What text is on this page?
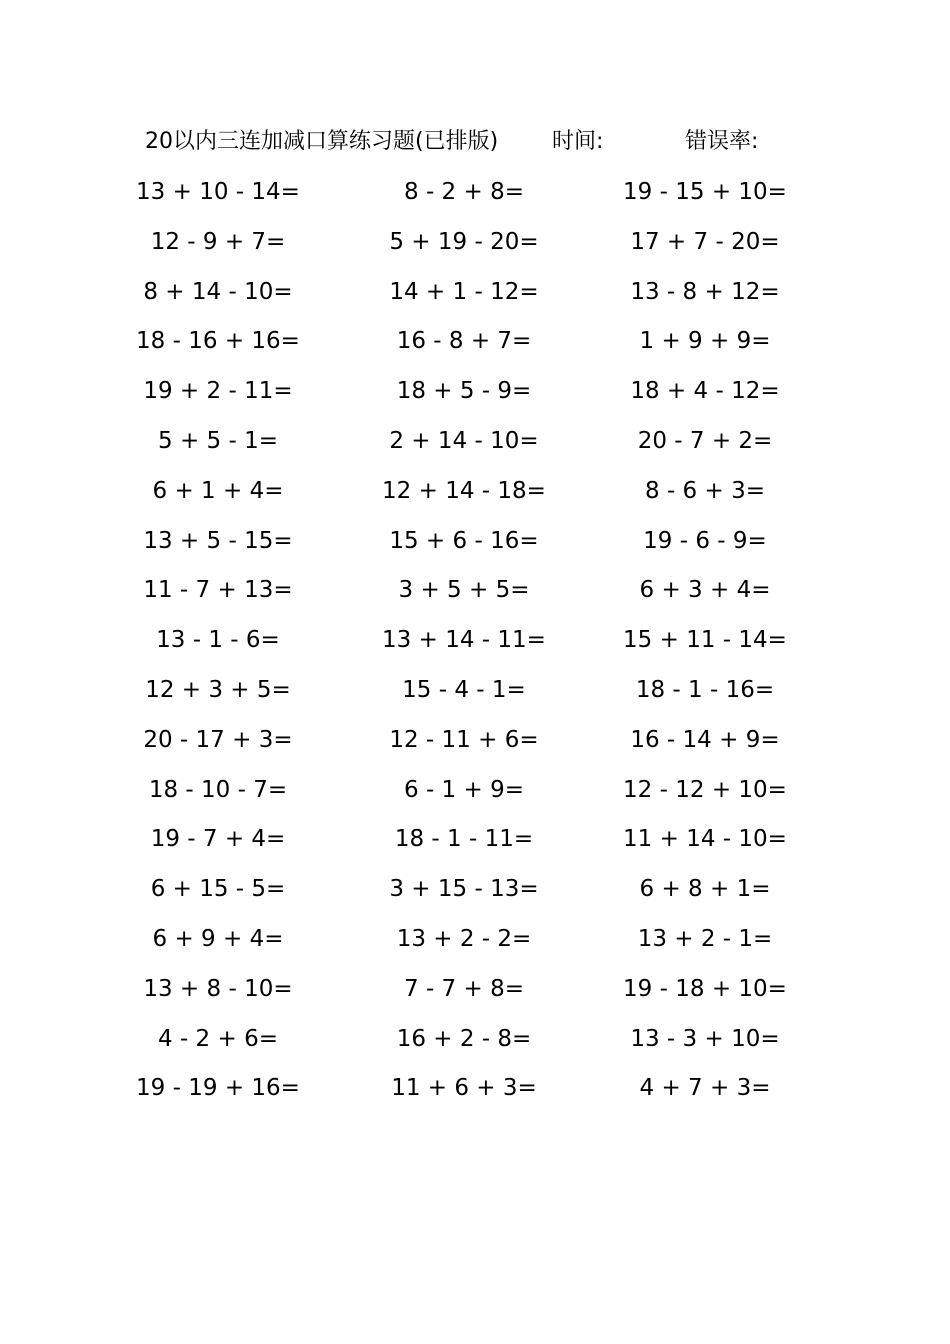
20以内三连加减口算练习题(已排版) 时间:	错误率:
13 + 10 - 14=	8 - 2 + 8=	19 - 15 + 10=
12 - 9 + 7=	5 + 19 - 20=	17 + 7 - 20=
8 + 14 - 10=	14 + 1 - 12=	13 - 8 + 12=
18 - 16 + 16=	16 - 8 + 7=	1 + 9 + 9=
19 + 2 - 11=	18 + 5 - 9=	18 + 4 - 12=
5 + 5 - 1=	2 + 14 - 10=	20 - 7 + 2=
6 + 1 + 4=	12 + 14 - 18=	8 - 6 + 3=
13 + 5 - 15=	15 + 6 - 16=	19 - 6 - 9=
11 - 7 + 13=	3 + 5 + 5=	6 + 3 + 4=
13 - 1 - 6=	13 + 14 - 11=	15 + 11 - 14=
12 + 3 + 5=	15 - 4 - 1=	18 - 1 - 16=
20 - 17 + 3=	12 - 11 + 6=	16 - 14 + 9=
18 - 10 - 7=	6 - 1 + 9=	12 - 12 + 10=
19 - 7 + 4=	18 - 1 - 11=	11 + 14 - 10=
6 + 15 - 5=	3 + 15 - 13=	6 + 8 + 1=
6 + 9 + 4=	13 + 2 - 2=	13 + 2 - 1=
13 + 8 - 10=	7 - 7 + 8=	19 - 18 + 10=
4 - 2 + 6=	16 + 2 - 8=	13 - 3 + 10=
19 - 19 + 16=	11 + 6 + 3=	4 + 7 + 3=
